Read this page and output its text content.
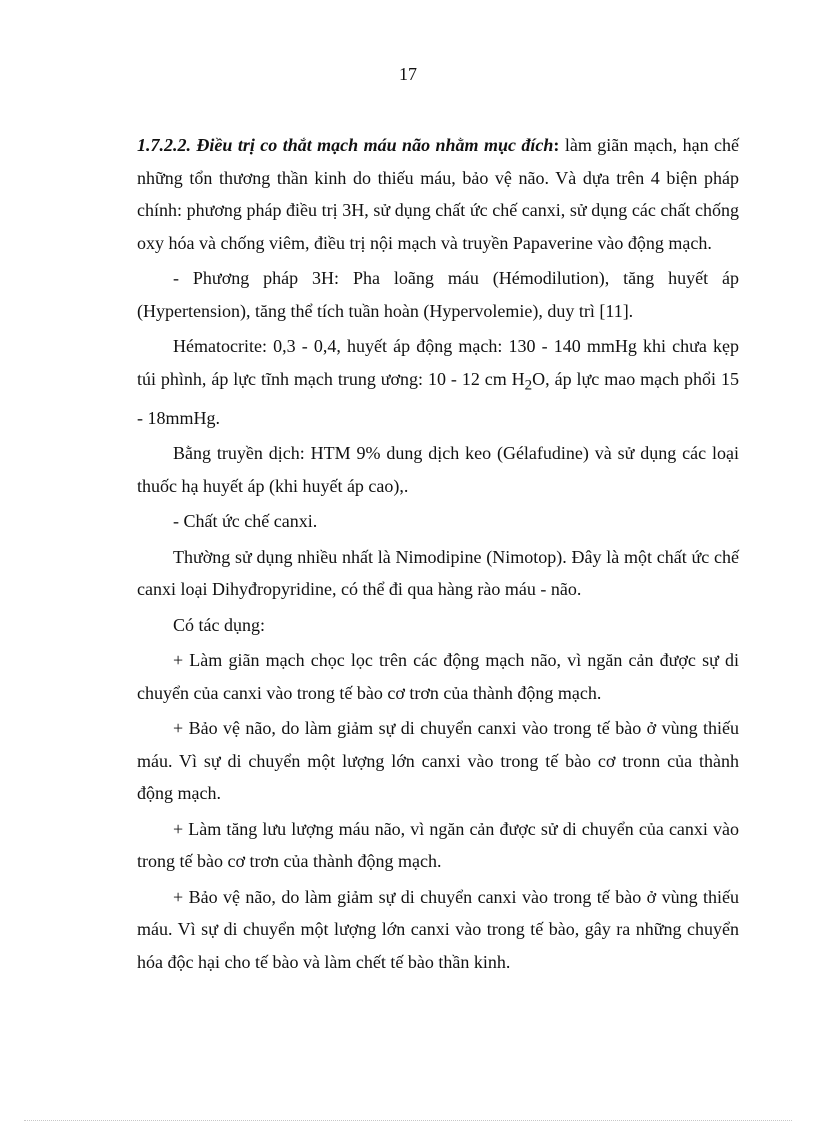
17

1.7.2.2. Điều trị co thắt mạch máu não nhằm mục đích: làm giãn mạch, hạn chế những tổn thương thần kinh do thiếu máu, bảo vệ não. Và dựa trên 4 biện pháp chính: phương pháp điều trị 3H, sử dụng chất ức chế canxi, sử dụng các chất chống oxy hóa và chống viêm, điều trị nội mạch và truyền Papaverine vào động mạch.

- Phương pháp 3H: Pha loãng máu (Hémodilution), tăng huyết áp (Hypertension), tăng thể tích tuần hoàn (Hypervolemie), duy trì [11].

Hématocrite: 0,3 - 0,4, huyết áp động mạch: 130 - 140 mmHg khi chưa kẹp túi phình, áp lực tĩnh mạch trung ương: 10 - 12 cm $H_2O$, áp lực mao mạch phổi 15 - 18mmHg.

Bằng truyền dịch: HTM 9% dung dịch keo (Gélafudine) và sử dụng các loại thuốc hạ huyết áp (khi huyết áp cao),.

- Chất ức chế canxi.

Thường sử dụng nhiều nhất là Nimodipine (Nimotop). Đây là một chất ức chế canxi loại Dihyđropyridine, có thể đi qua hàng rào máu - não.

Có tác dụng:

+ Làm giãn mạch chọc lọc trên các động mạch não, vì ngăn cản được sự di chuyển của canxi vào trong tế bào cơ trơn của thành động mạch.

+ Bảo vệ não, do làm giảm sự di chuyển canxi vào trong tế bào ở vùng thiếu máu. Vì sự di chuyển một lượng lớn canxi vào trong tế bào cơ tronn của thành động mạch.

+ Làm tăng lưu lượng máu não, vì ngăn cản được sử di chuyển của canxi vào trong tế bào cơ trơn của thành động mạch.

+ Bảo vệ não, do làm giảm sự di chuyển canxi vào trong tế bào ở vùng thiếu máu. Vì sự di chuyển một lượng lớn canxi vào trong tế bào, gây ra những chuyển hóa độc hại cho tế bào và làm chết tế bào thần kinh.
